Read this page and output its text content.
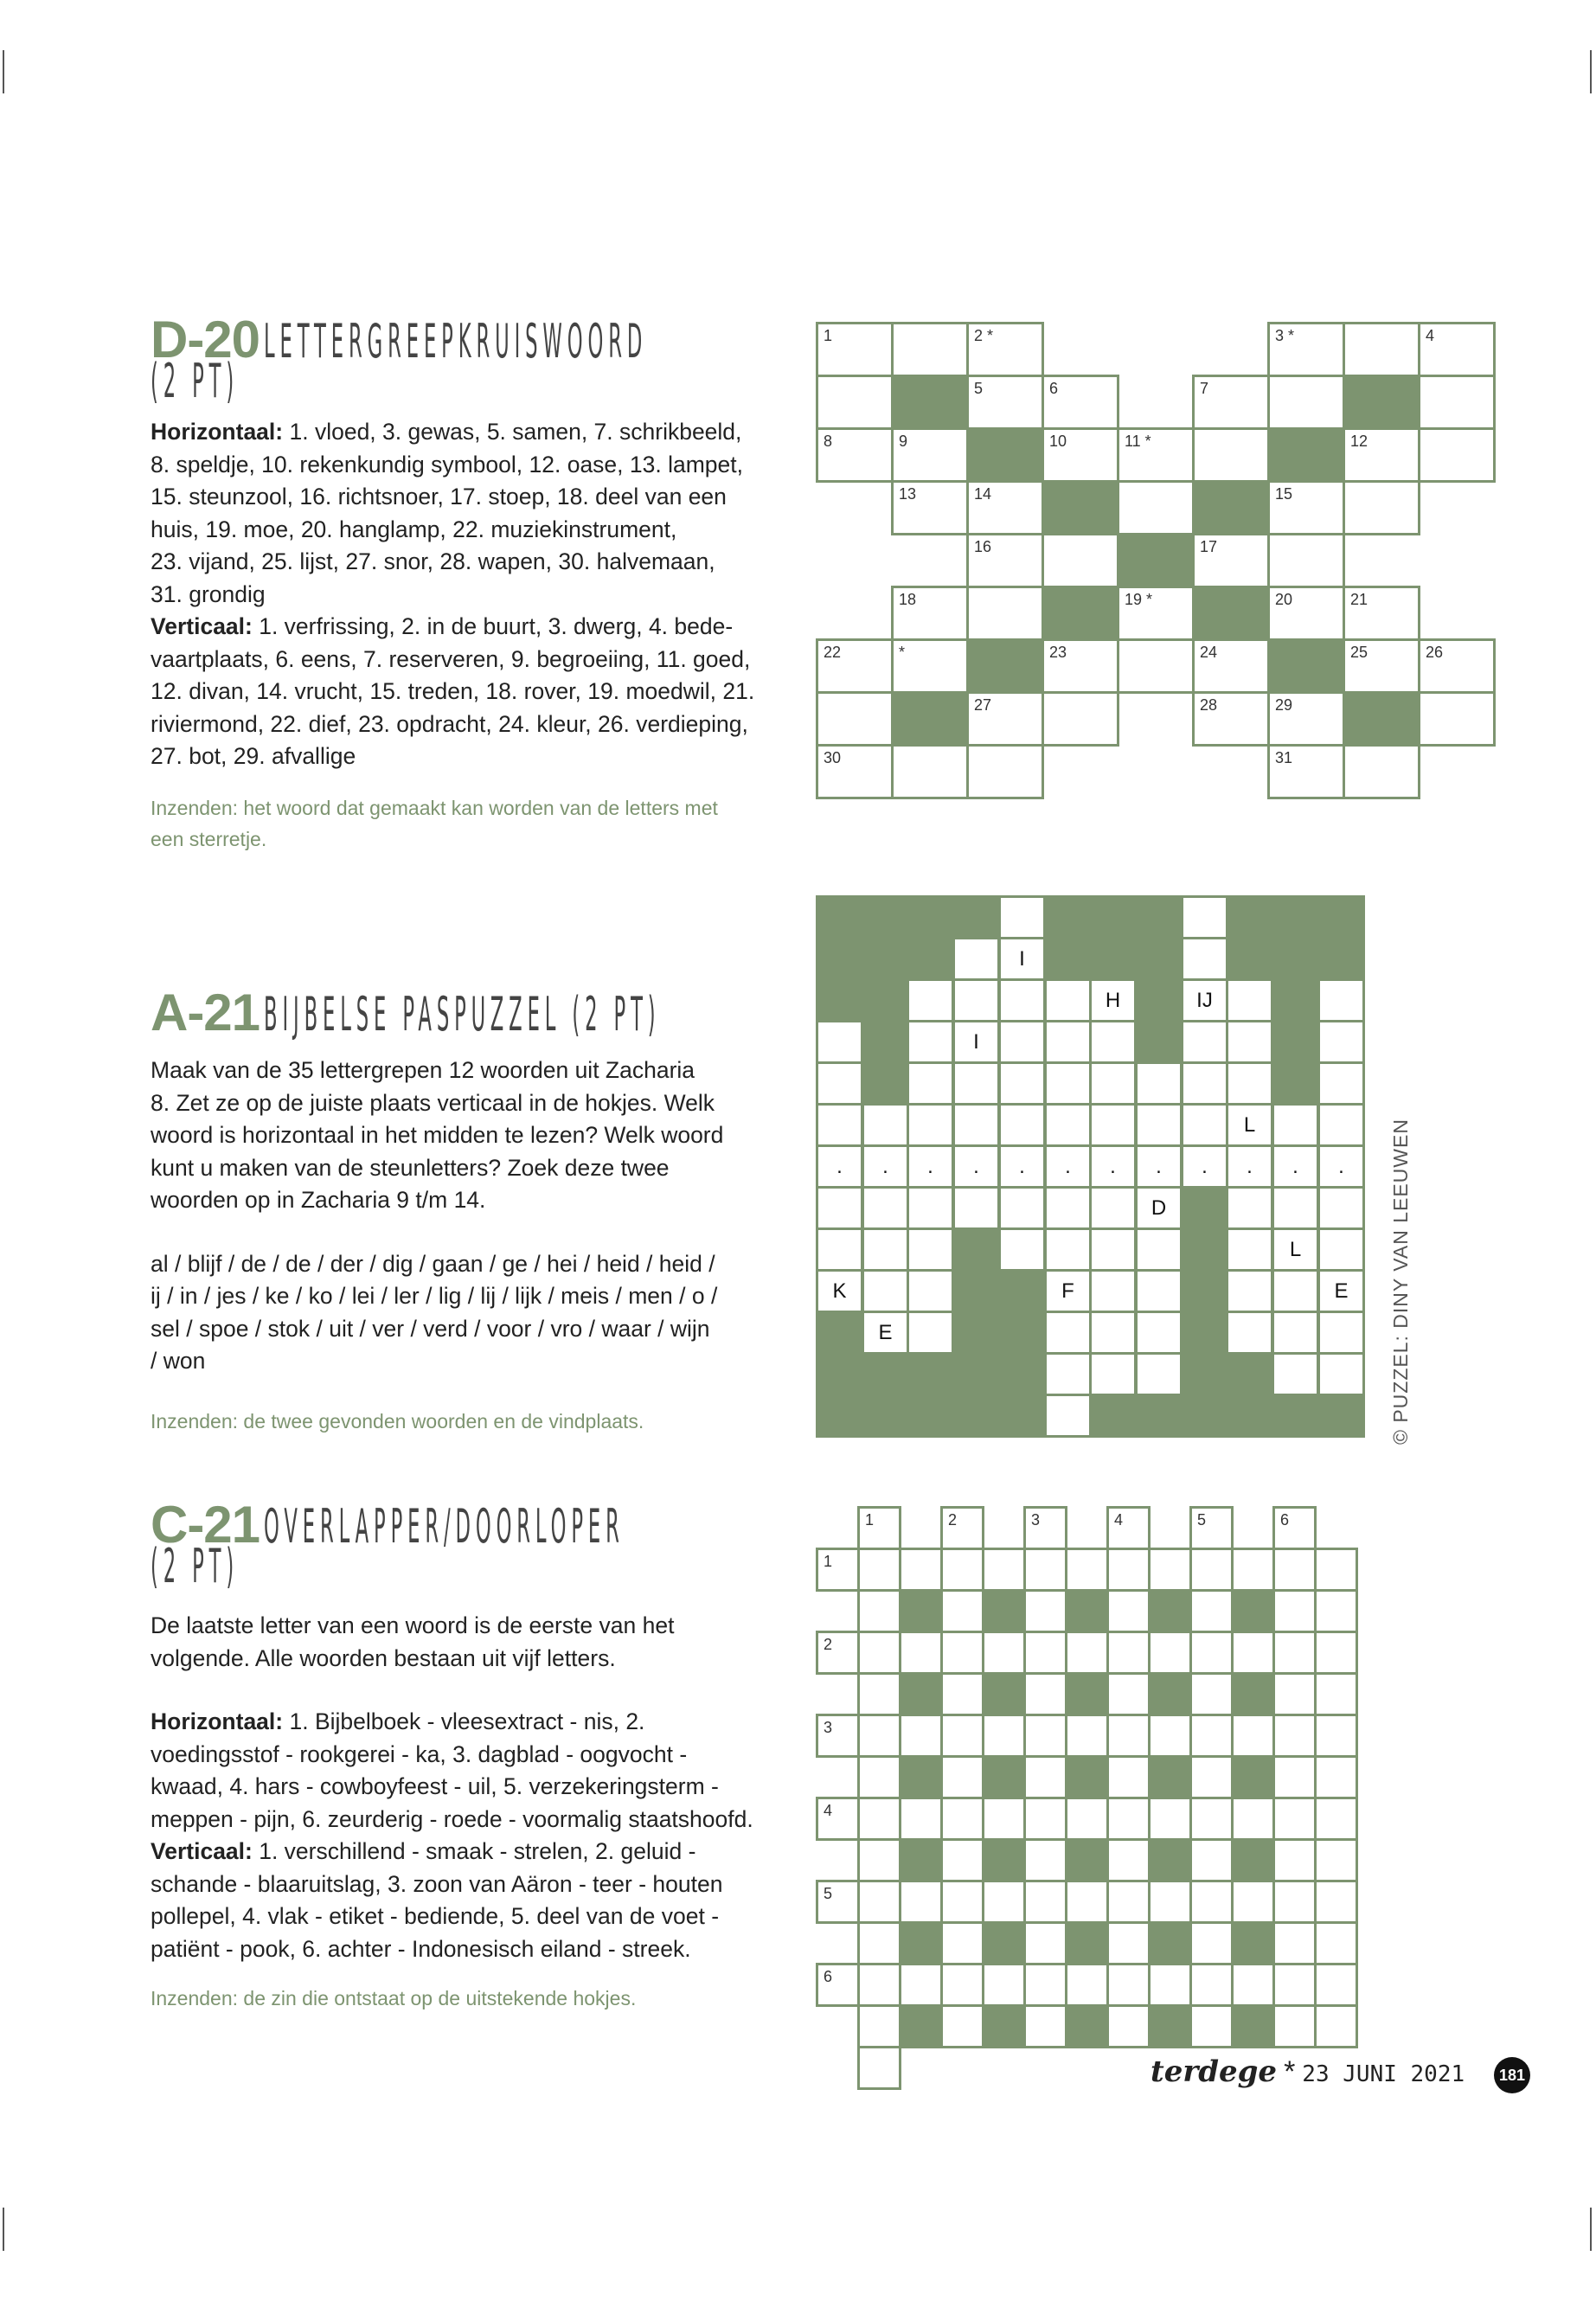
D-20 LETTERGREEPKRUISWOORD
(2 PT)
Horizontaal: 1. vloed, 3. gewas, 5. samen, 7. schrikbeeld,
8. speldje, 10. rekenkundig symbool, 12. oase, 13. lampet,
15. steunzool, 16. richtsnoer, 17. stoep, 18. deel van een
huis, 19. moe, 20. hanglamp, 22. muziekinstrument,
23. vijand, 25. lijst, 27. snor, 28. wapen, 30. halvemaan,
31. grondig
Verticaal: 1. verfrissing, 2. in de buurt, 3. dwerg, 4. bede-
vaartplaats, 6. eens, 7. reserveren, 9. begroeiing, 11. goed,
12. divan, 14. vrucht, 15. treden, 18. rover, 19. moedwil, 21.
riviermond, 22. dief, 23. opdracht, 24. kleur, 26. verdieping,
27. bot, 29. afvallige
Inzenden: het woord dat gemaakt kan worden van de letters met
een sterretje.
1	2 *	3 *	4
5	6	7
8	9	10	11 *	12
13	14	15
16	17
18	19 *	20	21
22	*	23	24	25	26
27	28	29
30	31
A-21 BIJBELSE PASPUZZEL (2 PT)
Maak van de 35 lettergrepen 12 woorden uit Zacharia
8. Zet ze op de juiste plaats verticaal in de hokjes. Welk
woord is horizontaal in het midden te lezen? Welk woord
kunt u maken van de steunletters? Zoek deze twee
woorden op in Zacharia 9 t/m 14.
al / blijf / de / de / der / dig / gaan / ge / hei / heid / heid /
ij / in / jes / ke / ko / lei / ler / lig / lij / lijk / meis / men / o /
sel / spoe / stok / uit / ver / verd / voor / vro / waar / wijn
/ won
Inzenden: de twee gevonden woorden en de vindplaats.
I
H	IJ
I
L
.	.	.	.	.	.	.	.	.	.	.	.
D
L
K	F	E
E	© PUZZEL: DINY VAN LEEUWEN
C-21 OVERLAPPER/DOORLOPER
(2 PT)
De laatste letter van een woord is de eerste van het
volgende. Alle woorden bestaan uit vijf letters.
Horizontaal: 1. Bijbelboek - vleesextract - nis, 2.
voedingsstof - rookgerei - ka, 3. dagblad - oogvocht -
kwaad, 4. hars - cowboyfeest - uil, 5. verzekeringsterm -
meppen - pijn, 6. zeurderig - roede - voormalig staatshoofd.
Verticaal: 1. verschillend - smaak - strelen, 2. geluid -
schande - blaaruitslag, 3. zoon van Aäron - teer - houten
pollepel, 4. vlak - etiket - bediende, 5. deel van de voet -
patiënt - pook, 6. achter - Indonesisch eiland - streek.
Inzenden: de zin die ontstaat op de uitstekende hokjes.
1	2	3	4	5	6
1
2
3
4
5
6
terdege * 23 JUNI 2021	181
